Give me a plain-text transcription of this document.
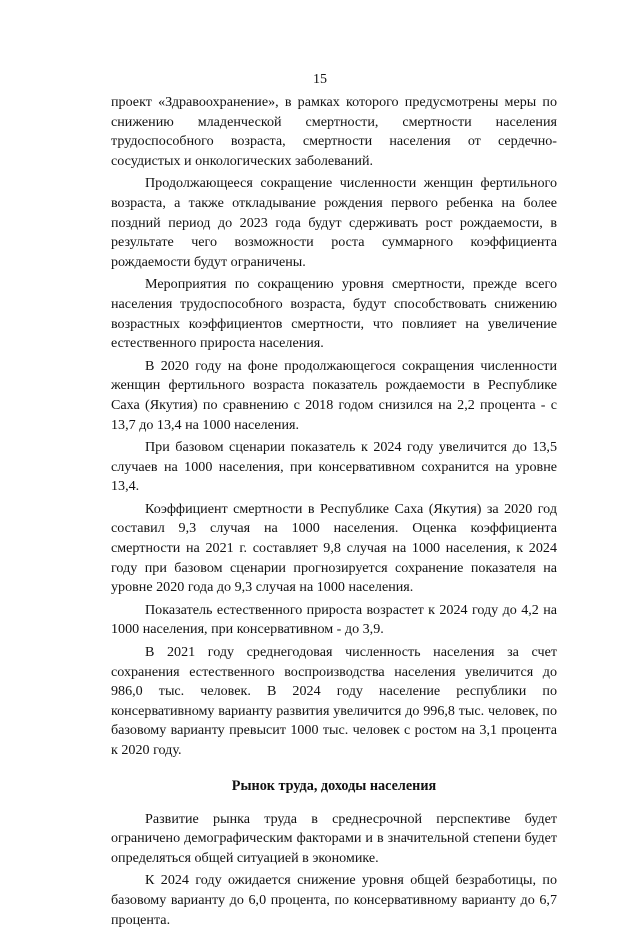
15

проект «Здравоохранение», в рамках которого предусмотрены меры по снижению младенческой смертности, смертности населения трудоспособного возраста, смертности населения от сердечно-сосудистых и онкологических заболеваний.

Продолжающееся сокращение численности женщин фертильного возраста, а также откладывание рождения первого ребенка на более поздний период до 2023 года будут сдерживать рост рождаемости, в результате чего возможности роста суммарного коэффициента рождаемости будут ограничены.

Мероприятия по сокращению уровня смертности, прежде всего населения трудоспособного возраста, будут способствовать снижению возрастных коэффициентов смертности, что повлияет на увеличение естественного прироста населения.

В 2020 году на фоне продолжающегося сокращения численности женщин фертильного возраста показатель рождаемости в Республике Саха (Якутия) по сравнению с 2018 годом снизился на 2,2 процента - с 13,7 до 13,4 на 1000 населения.

При базовом сценарии показатель к 2024 году увеличится до 13,5 случаев на 1000 населения, при консервативном сохранится на уровне 13,4.

Коэффициент смертности в Республике Саха (Якутия) за 2020 год составил 9,3 случая на 1000 населения. Оценка коэффициента смертности на 2021 г. составляет 9,8 случая на 1000 населения, к 2024 году при базовом сценарии прогнозируется сохранение показателя на уровне 2020 года до 9,3 случая на 1000 населения.

Показатель естественного прироста возрастет к 2024 году до 4,2 на 1000 населения, при консервативном - до 3,9.

В 2021 году среднегодовая численность населения за счет сохранения естественного воспроизводства населения увеличится до 986,0 тыс. человек. В 2024 году население республики по консервативному варианту развития увеличится до 996,8 тыс. человек, по базовому варианту превысит 1000 тыс. человек с ростом на 3,1 процента к 2020 году.

Рынок труда, доходы населения

Развитие рынка труда в среднесрочной перспективе будет ограничено демографическим факторами и в значительной степени будет определяться общей ситуацией в экономике.

К 2024 году ожидается снижение уровня общей безработицы, по базовому варианту до 6,0 процента, по консервативному варианту до 6,7 процента.
